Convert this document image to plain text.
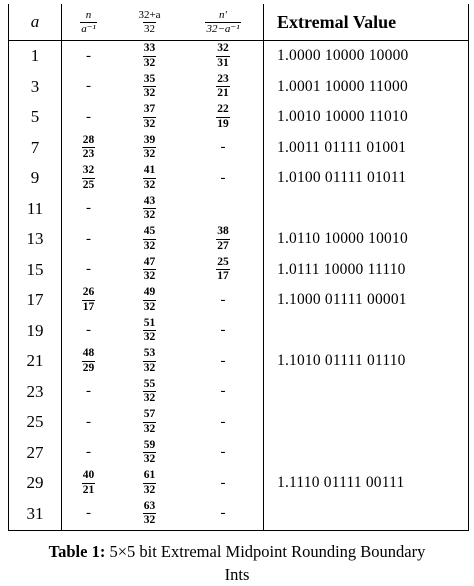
a	$\frac{n}{\text{a⁻¹}}$	$\frac{32+a}{32}$	$\frac{n'}{\text{32−a⁻¹}}$	Extremal Value
1	-	$\frac{33}{32}$	$\frac{32}{31}$	1.0000 10000 10000
3	-	$\frac{35}{32}$	$\frac{23}{21}$	1.0001 10000 11000
5	-	$\frac{37}{32}$	$\frac{22}{19}$	1.0010 10000 11010
7	$\frac{28}{23}$	$\frac{39}{32}$	-	1.0011 01111 01001
9	$\frac{32}{25}$	$\frac{41}{32}$	-	1.0100 01111 01011
11	-	$\frac{43}{32}$
13	-	$\frac{45}{32}$	$\frac{38}{27}$	1.0110 10000 10010
15	-	$\frac{47}{32}$	$\frac{25}{17}$	1.0111 10000 11110
17	$\frac{26}{17}$	$\frac{49}{32}$	-	1.1000 01111 00001
19	-	$\frac{51}{32}$	-
21	$\frac{48}{29}$	$\frac{53}{32}$	-	1.1010 01111 01110
23	-	$\frac{55}{32}$	-
25	-	$\frac{57}{32}$	-
27	-	$\frac{59}{32}$	-
29	$\frac{40}{21}$	$\frac{61}{32}$	-	1.1110 01111 00111
31	-	$\frac{63}{32}$	-
Table 1: 5×5 bit Extremal Midpoint Rounding Boundary
Ints
